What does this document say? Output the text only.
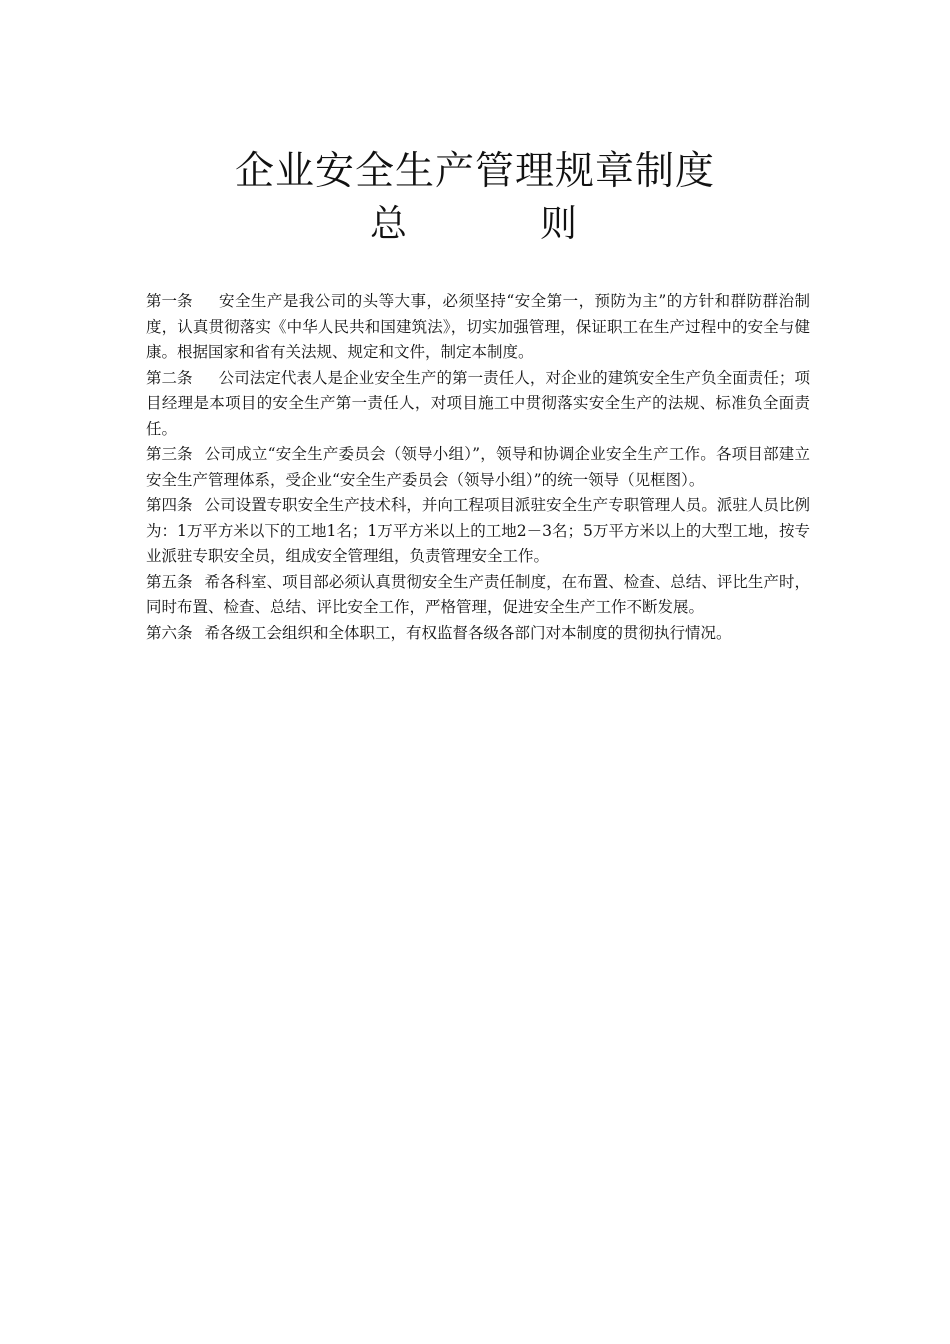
企业安全生产管理规章制度
总	则

第一条 安全生产是我公司的头等大事，必须坚持“安全第一，预防为主”的方针和群防群治制度，认真贯彻落实《中华人民共和国建筑法》，切实加强管理，保证职工在生产过程中的安全与健康。根据国家和省有关法规、规定和文件，制定本制度。

第二条 公司法定代表人是企业安全生产的第一责任人，对企业的建筑安全生产负全面责任；项目经理是本项目的安全生产第一责任人，对项目施工中贯彻落实安全生产的法规、标准负全面责任。

第三条 公司成立“安全生产委员会（领导小组）”，领导和协调企业安全生产工作。各项目部建立安全生产管理体系，受企业“安全生产委员会（领导小组）”的统一领导（见框图）。

第四条 公司设置专职安全生产技术科，并向工程项目派驻安全生产专职管理人员。派驻人员比例为：1万平方米以下的工地1名；1万平方米以上的工地2－3名；5万平方米以上的大型工地，按专业派驻专职安全员，组成安全管理组，负责管理安全工作。

第五条 希各科室、项目部必须认真贯彻安全生产责任制度，在布置、检查、总结、评比生产时，同时布置、检查、总结、评比安全工作，严格管理，促进安全生产工作不断发展。

第六条 希各级工会组织和全体职工，有权监督各级各部门对本制度的贯彻执行情况。
